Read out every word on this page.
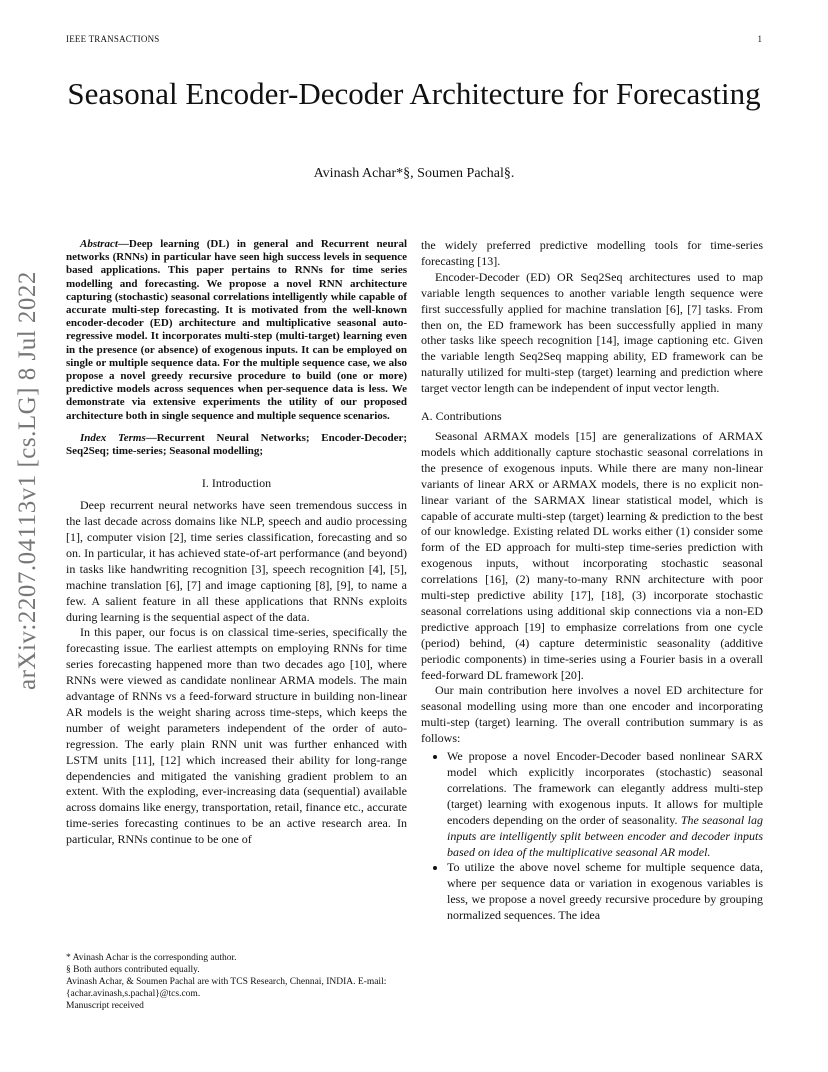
IEEE TRANSACTIONS	1
Seasonal Encoder-Decoder Architecture for Forecasting
Avinash Achar*§, Soumen Pachal§.
arXiv:2207.04113v1 [cs.LG] 8 Jul 2022

Abstract—Deep learning (DL) in general and Recurrent neural networks (RNNs) in particular have seen high success levels in sequence based applications. This paper pertains to RNNs for time series modelling and forecasting. We propose a novel RNN architecture capturing (stochastic) seasonal correlations intelligently while capable of accurate multi-step forecasting. It is motivated from the well-known encoder-decoder (ED) architecture and multiplicative seasonal auto-regressive model. It incorporates multi-step (multi-target) learning even in the presence (or absence) of exogenous inputs. It can be employed on single or multiple sequence data. For the multiple sequence case, we also propose a novel greedy recursive procedure to build (one or more) predictive models across sequences when per-sequence data is less. We demonstrate via extensive experiments the utility of our proposed architecture both in single sequence and multiple sequence scenarios.

Index Terms—Recurrent Neural Networks; Encoder-Decoder; Seq2Seq; time-series; Seasonal modelling;

I. Introduction

Deep recurrent neural networks have seen tremendous success in the last decade across domains like NLP, speech and audio processing [1], computer vision [2], time series classification, forecasting and so on. In particular, it has achieved state-of-art performance (and beyond) in tasks like handwriting recognition [3], speech recognition [4], [5], machine translation [6], [7] and image captioning [8], [9], to name a few. A salient feature in all these applications that RNNs exploits during learning is the sequential aspect of the data.

In this paper, our focus is on classical time-series, specifically the forecasting issue. The earliest attempts on employing RNNs for time series forecasting happened more than two decades ago [10], where RNNs were viewed as candidate nonlinear ARMA models. The main advantage of RNNs vs a feed-forward structure in building non-linear AR models is the weight sharing across time-steps, which keeps the number of weight parameters independent of the order of auto-regression. The early plain RNN unit was further enhanced with LSTM units [11], [12] which increased their ability for long-range dependencies and mitigated the vanishing gradient problem to an extent. With the exploding, ever-increasing data (sequential) available across domains like energy, transportation, retail, finance etc., accurate time-series forecasting continues to be an active research area. In particular, RNNs continue to be one of

* Avinash Achar is the corresponding author.

§ Both authors contributed equally.

Avinash Achar, & Soumen Pachal are with TCS Research, Chennai, INDIA. E-mail: {achar.avinash,s.pachal}@tcs.com.

Manuscript received

the widely preferred predictive modelling tools for time-series forecasting [13].

Encoder-Decoder (ED) OR Seq2Seq architectures used to map variable length sequences to another variable length sequence were first successfully applied for machine translation [6], [7] tasks. From then on, the ED framework has been successfully applied in many other tasks like speech recognition [14], image captioning etc. Given the variable length Seq2Seq mapping ability, ED framework can be naturally utilized for multi-step (target) learning and prediction where target vector length can be independent of input vector length.

A. Contributions

Seasonal ARMAX models [15] are generalizations of ARMAX models which additionally capture stochastic seasonal correlations in the presence of exogenous inputs. While there are many non-linear variants of linear ARX or ARMAX models, there is no explicit non-linear variant of the SARMAX linear statistical model, which is capable of accurate multi-step (target) learning & prediction to the best of our knowledge. Existing related DL works either (1) consider some form of the ED approach for multi-step time-series prediction with exogenous inputs, without incorporating stochastic seasonal correlations [16], (2) many-to-many RNN architecture with poor multi-step predictive ability [17], [18], (3) incorporate stochastic seasonal correlations using additional skip connections via a non-ED predictive approach [19] to emphasize correlations from one cycle (period) behind, (4) capture deterministic seasonality (additive periodic components) in time-series using a Fourier basis in a overall feed-forward DL framework [20].

Our main contribution here involves a novel ED architecture for seasonal modelling using more than one encoder and incorporating multi-step (target) learning. The overall contribution summary is as follows:

• We propose a novel Encoder-Decoder based nonlinear SARX model which explicitly incorporates (stochastic) seasonal correlations. The framework can elegantly address multi-step (target) learning with exogenous inputs. It allows for multiple encoders depending on the order of seasonality. The seasonal lag inputs are intelligently split between encoder and decoder inputs based on idea of the multiplicative seasonal AR model.
• To utilize the above novel scheme for multiple sequence data, where per sequence data or variation in exogenous variables is less, we propose a novel greedy recursive procedure by grouping normalized sequences. The idea
